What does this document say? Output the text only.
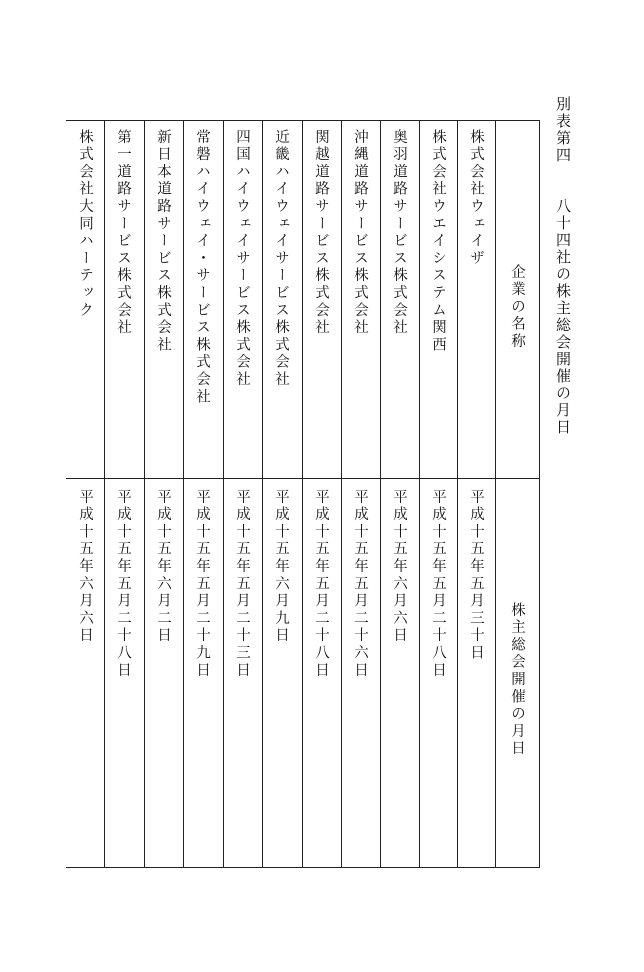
別表第四　　八十四社の株主総会開催の月日
企業の名称
株主総会開催の月日
株式会社ウェイザ
平成十五年五月三十日
株式会社ウエイシステム関西
平成十五年五月二十八日
奥羽道路サービス株式会社
平成十五年六月六日
沖縄道路サービス株式会社
平成十五年五月二十六日
関越道路サービス株式会社
平成十五年五月二十八日
近畿ハイウェイサービス株式会社
平成十五年六月九日
四国ハイウェイサービス株式会社
平成十五年五月二十三日
常磐ハイウェイ・サービス株式会社
平成十五年五月二十九日
新日本道路サービス株式会社
平成十五年六月二日
第一道路サービス株式会社
平成十五年五月二十八日
株式会社大同ハーテック
平成十五年六月六日
